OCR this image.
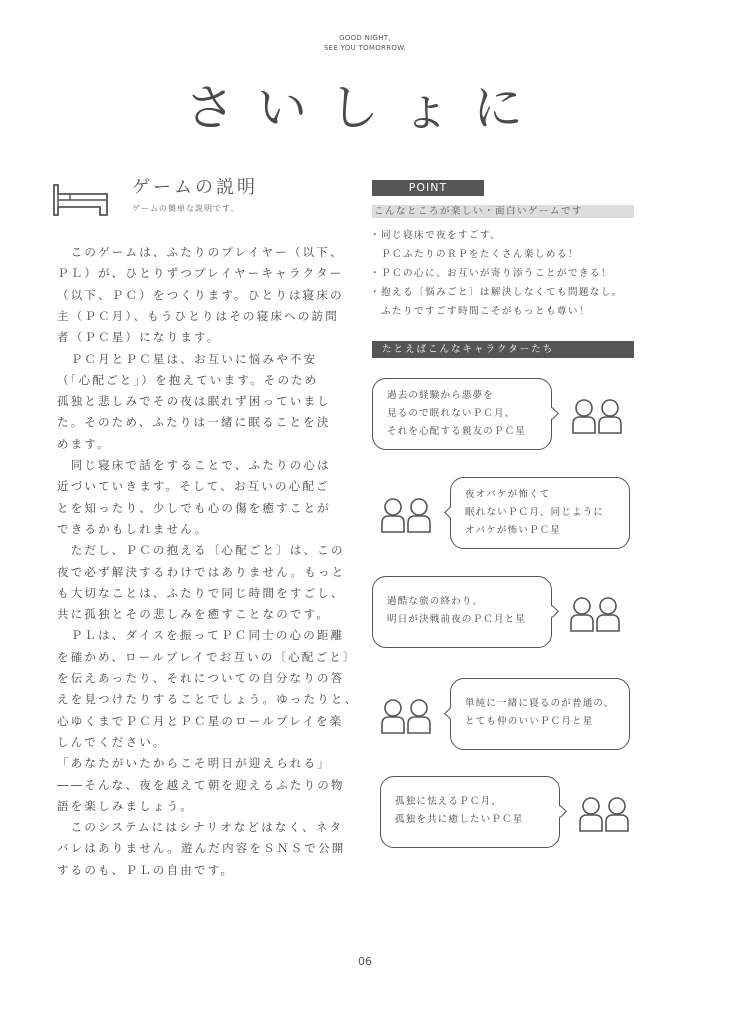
GOOD NIGHT,
SEE YOU TOMORROW.
さいしょに
ゲームの説明
ゲームの簡単な説明です。
　このゲームは、ふたりのプレイヤー（以下、
ＰＬ）が、ひとりずつプレイヤーキャラクター
（以下、ＰＣ）をつくります。ひとりは寝床の
主（ＰＣ月）、もうひとりはその寝床への訪問
者（ＰＣ星）になります。
　ＰＣ月とＰＣ星は、お互いに悩みや不安
（「心配ごと」）を抱えています。そのため
孤独と悲しみでその夜は眠れず困っていまし
た。そのため、ふたりは一緒に眠ることを決
めます。
　同じ寝床で話をすることで、ふたりの心は
近づいていきます。そして、お互いの心配ご
とを知ったり、少しでも心の傷を癒すことが
できるかもしれません。
　ただし、ＰＣの抱える〔心配ごと〕は、この
夜で必ず解決するわけではありません。もっと
も大切なことは、ふたりで同じ時間をすごし、
共に孤独とその悲しみを癒すことなのです。
　ＰＬは、ダイスを振ってＰＣ同士の心の距離
を確かめ、ロールプレイでお互いの〔心配ごと〕
を伝えあったり、それについての自分なりの答
えを見つけたりすることでしょう。ゆったりと、
心ゆくまでＰＣ月とＰＣ星のロールプレイを楽
しんでください。
「あなたがいたからこそ明日が迎えられる」
――そんな、夜を越えて朝を迎えるふたりの物
語を楽しみましょう。
　このシステムにはシナリオなどはなく、ネタ
バレはありません。遊んだ内容をＳＮＳで公開
するのも、ＰＬの自由です。
POINT
こんなところが楽しい・面白いゲームです
・同じ寝床で夜をすごす、
　ＰＣふたりのＲＰをたくさん楽しめる！
・ＰＣの心に、お互いが寄り添うことができる！
・抱える〔悩みごと〕は解決しなくても問題なし。
　ふたりですごす時間こそがもっとも尊い！
たとえばこんなキャラクターたち
過去の経験から悪夢を
見るので眠れないＰＣ月、
それを心配する親友のＰＣ星
夜オバケが怖くて
眠れないＰＣ月、同じように
オバケが怖いＰＣ星
過酷な旅の終わり、
明日が決戦前夜のＰＣ月と星
単純に一緒に寝るのが普通の、
とても仲のいいＰＣ月と星
孤独に怯えるＰＣ月、
孤独を共に癒したいＰＣ星
06
